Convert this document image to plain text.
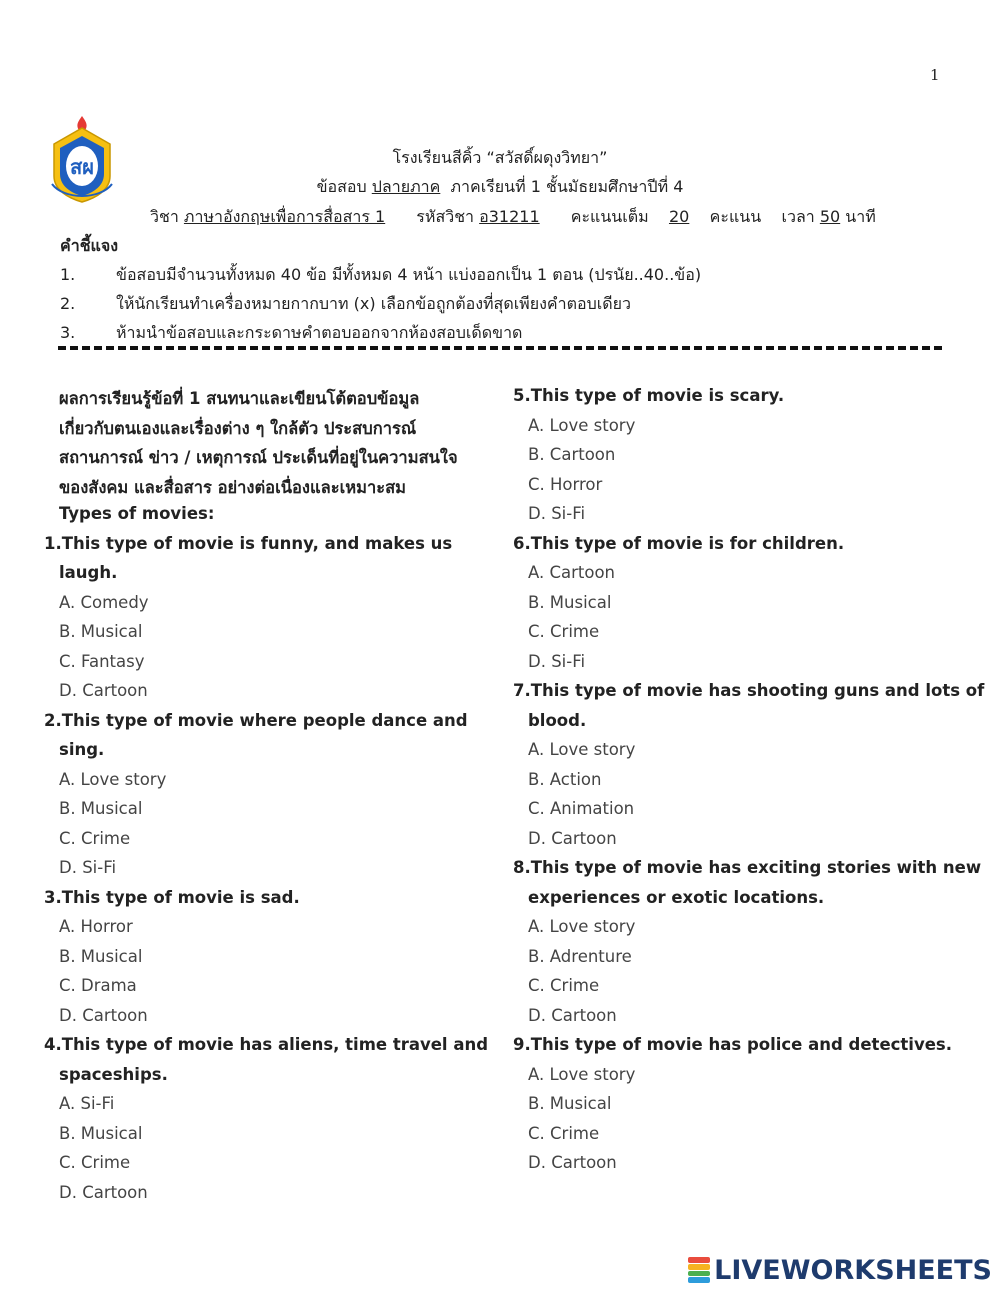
1
สผ	โรงเรียนสีคิ้ว “สวัสดิ์ผดุงวิทยา”
ข้อสอบ ปลายภาค ภาคเรียนที่ 1 ชั้นมัธยมศึกษาปีที่ 4
วิชา ภาษาอังกฤษเพื่อการสื่อสาร 1 รหัสวิชา อ31211 คะแนนเต็ม 20 คะแนน เวลา 50 นาที
คำชี้แจง
1.	ข้อสอบมีจำนวนทั้งหมด 40 ข้อ มีทั้งหมด 4 หน้า แบ่งออกเป็น 1 ตอน (ปรนัย..40..ข้อ)
2.	ให้นักเรียนทำเครื่องหมายกากบาท (x) เลือกข้อถูกต้องที่สุดเพียงคำตอบเดียว
3.	ห้ามนำข้อสอบและกระดาษคำตอบออกจากห้องสอบเด็ดขาด
ผลการเรียนรู้ข้อที่ 1 สนทนาและเขียนโต้ตอบข้อมูล
เกี่ยวกับตนเองและเรื่องต่าง ๆ ใกล้ตัว ประสบการณ์
สถานการณ์ ข่าว / เหตุการณ์ ประเด็นที่อยู่ในความสนใจ
ของสังคม และสื่อสาร อย่างต่อเนื่องและเหมาะสม
Types of movies:
1.This type of movie is funny, and makes us
laugh.
A. Comedy
B. Musical
C. Fantasy
D. Cartoon
2.This type of movie where people dance and
sing.
A. Love story
B. Musical
C. Crime
D. Si-Fi
3.This type of movie is sad.
A. Horror
B. Musical
C. Drama
D. Cartoon
4.This type of movie has aliens, time travel and
spaceships.
A. Si-Fi
B. Musical
C. Crime
D. Cartoon
5.This type of movie is scary.
A. Love story
B. Cartoon
C. Horror
D. Si-Fi
6.This type of movie is for children.
A. Cartoon
B. Musical
C. Crime
D. Si-Fi
7.This type of movie has shooting guns and lots of
blood.
A. Love story
B. Action
C. Animation
D. Cartoon
8.This type of movie has exciting stories with new
experiences or exotic locations.
A. Love story
B. Adrenture
C. Crime
D. Cartoon
9.This type of movie has police and detectives.
A. Love story
B. Musical
C. Crime
D. Cartoon
LIVEWORKSHEETS
